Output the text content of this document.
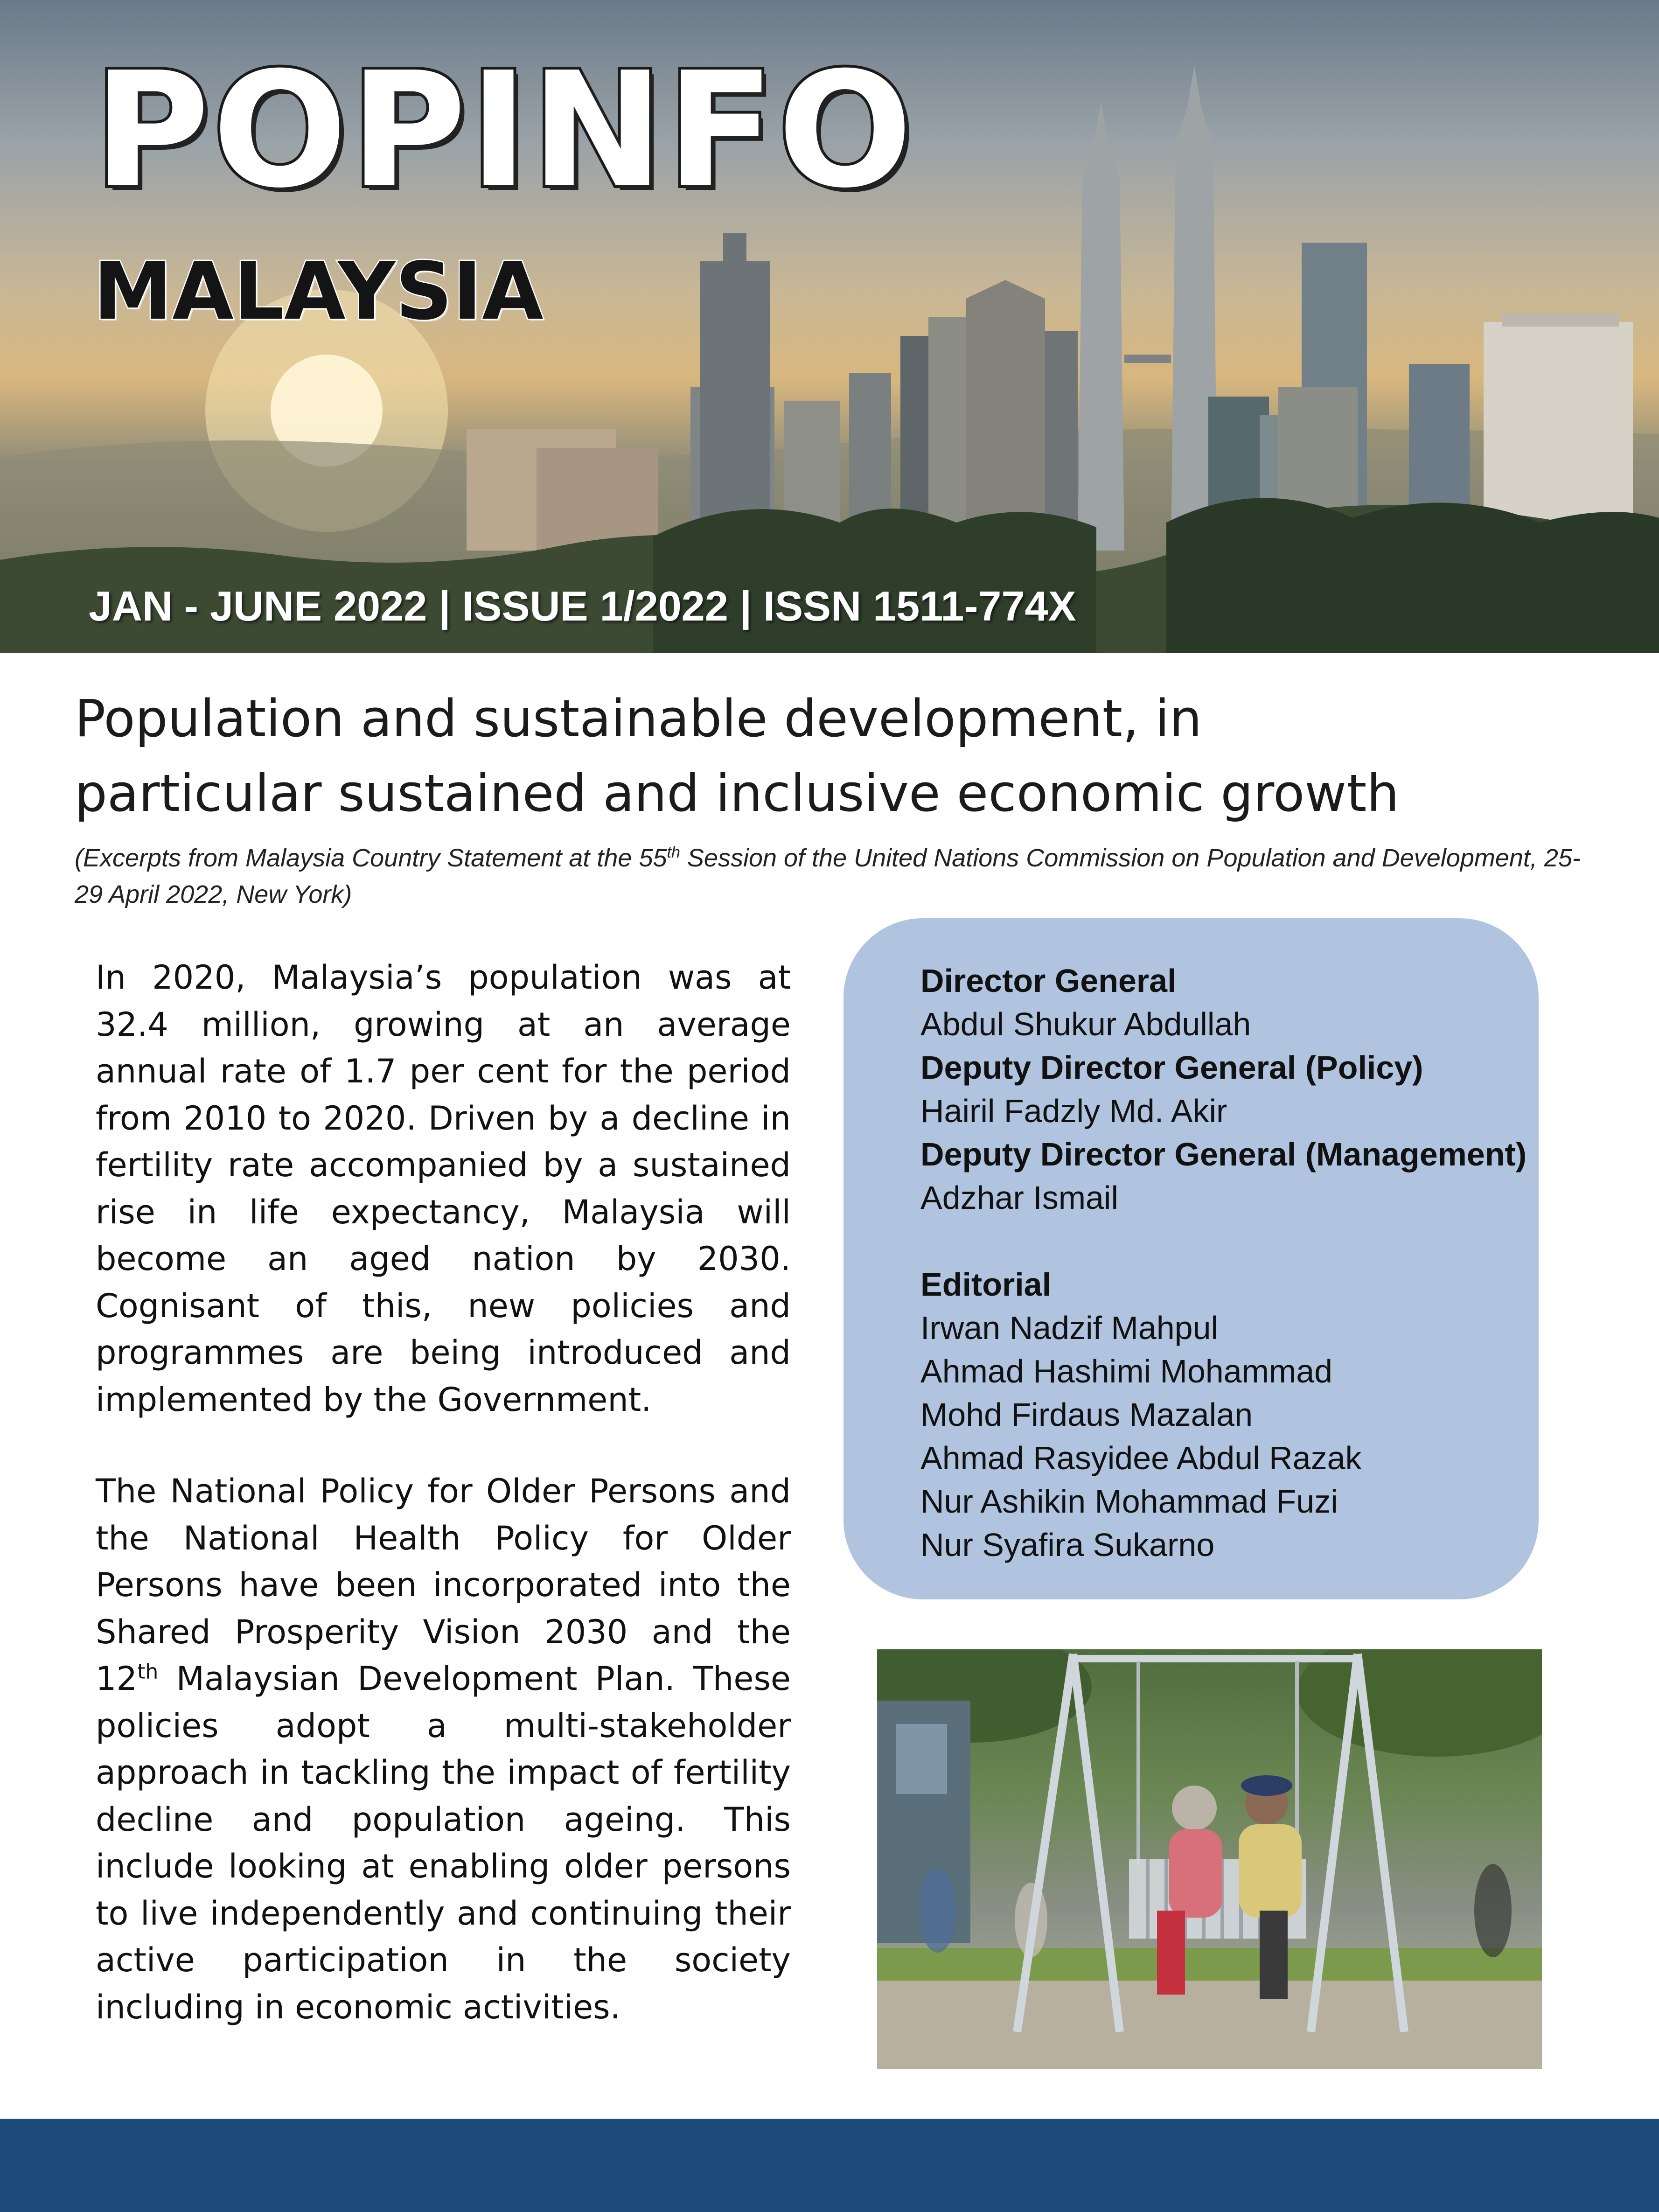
POPINFO
MALAYSIA
JAN - JUNE 2022 | ISSUE 1/2022 | ISSN 1511-774X
Population and sustainable development, in
particular sustained and inclusive economic growth

(Excerpts from Malaysia Country Statement at the 55th Session of the United Nations Commission on Population and Development, 25-29 April 2022, New York)

In 2020, Malaysia’s population was at 32.4 million, growing at an average annual rate of 1.7 per cent for the period from 2010 to 2020. Driven by a decline in fertility rate accompanied by a sustained rise in life expectancy, Malaysia will become an aged nation by 2030. Cognisant of this, new policies and programmes are being introduced and implemented by the Government.

The National Policy for Older Persons and the National Health Policy for Older Persons have been incorporated into the Shared Prosperity Vision 2030 and the 12th Malaysian Development Plan. These policies adopt a multi-stakeholder approach in tackling the impact of fertility decline and population ageing. This include looking at enabling older persons to live independently and continuing their active participation in the society including in economic activities.

Director General
Abdul Shukur Abdullah
Deputy Director General (Policy)
Hairil Fadzly Md. Akir
Deputy Director General (Management)
Adzhar Ismail
Editorial
Irwan Nadzif Mahpul
Ahmad Hashimi Mohammad
Mohd Firdaus Mazalan
Ahmad Rasyidee Abdul Razak
Nur Ashikin Mohammad Fuzi
Nur Syafira Sukarno
